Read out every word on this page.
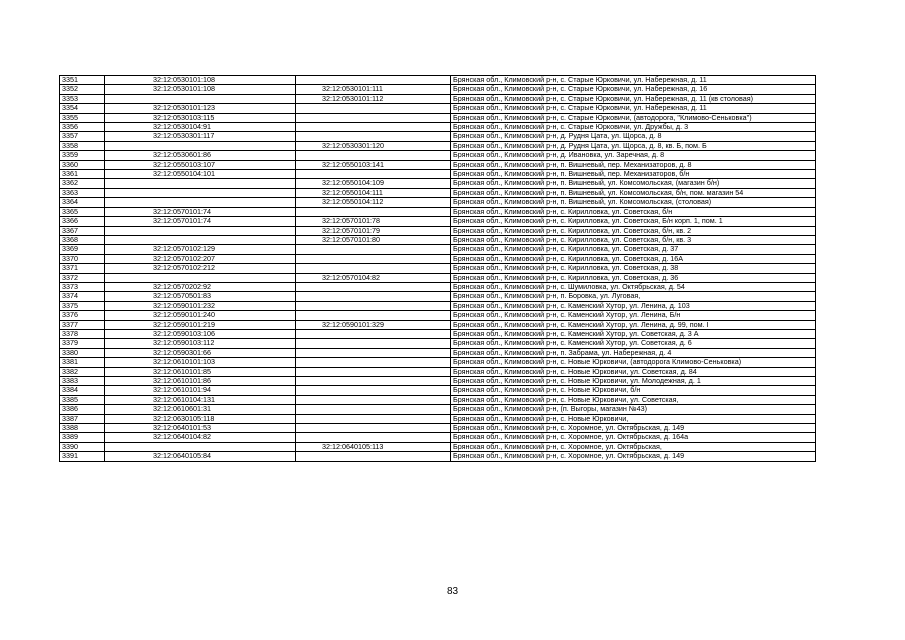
3351	32:12:0530101:108		Брянская обл., Климовский р-н, с. Старые Юрковичи, ул. Набережная, д. 11
3352	32:12:0530101:108	32:12:0530101:111	Брянская обл., Климовский р-н, с. Старые Юрковичи, ул. Набережная, д. 16
3353		32:12:0530101:112	Брянская обл., Климовский р-н, с. Старые Юрковичи, ул. Набережная, д. 11 (кв столовая)
3354	32:12:0530101:123		Брянская обл., Климовский р-н, с. Старые Юрковичи, ул. Набережная, д. 11
3355	32:12:0530103:115		Брянская обл., Климовский р-н, с. Старые Юрковичи, (автодорога, "Климово-Сеньковка")
3356	32:12:0530104:91		Брянская обл., Климовский р-н, с. Старые Юрковичи, ул. Дружбы, д. 3
3357	32:12:0530301:117		Брянская обл., Климовский р-н, д. Рудня Цата, ул. Щорса, д. 8
3358		32:12:0530301:120	Брянская обл., Климовский р-н, д. Рудня Цата, ул. Щорса, д. 8, кв. Б, пом. Б
3359	32:12:0530601:86		Брянская обл., Климовский р-н, д. Ивановка, ул. Заречная, д. 8
3360	32:12:0550103:107	32:12:0550103:141	Брянская обл., Климовский р-н, п. Вишневый, пер. Механизаторов, д. 8
3361	32:12:0550104:101		Брянская обл., Климовский р-н, п. Вишневый, пер. Механизаторов, б/н
3362		32:12:0550104:109	Брянская обл., Климовский р-н, п. Вишневый, ул. Комсомольская, (магазин б/н)
3363		32:12:0550104:111	Брянская обл., Климовский р-н, п. Вишневый, ул. Комсомольская, б/н, пом. магазин 54
3364		32:12:0550104:112	Брянская обл., Климовский р-н, п. Вишневый, ул. Комсомольская, (столовая)
3365	32:12:0570101:74		Брянская обл., Климовский р-н, с. Кирилловка, ул. Советская, б/н
3366	32:12:0570101:74	32:12:0570101:78	Брянская обл., Климовский р-н, с. Кирилловка, ул. Советская, Б/н корп. 1, пом. 1
3367		32:12:0570101:79	Брянская обл., Климовский р-н, с. Кирилловка, ул. Советская, б/н, кв. 2
3368		32:12:0570101:80	Брянская обл., Климовский р-н, с. Кирилловка, ул. Советская, б/н, кв. 3
3369	32:12:0570102:129		Брянская обл., Климовский р-н, с. Кирилловка, ул. Советская, д. 37
3370	32:12:0570102:207		Брянская обл., Климовский р-н, с. Кирилловка, ул. Советская, д. 16А
3371	32:12:0570102:212		Брянская обл., Климовский р-н, с. Кирилловка, ул. Советская, д. 38
3372		32:12:0570104:82	Брянская обл., Климовский р-н, с. Кирилловка, ул. Советская, д. 36
3373	32:12:0570202:92		Брянская обл., Климовский р-н, с. Шумиловка, ул. Октябрьская, д. 54
3374	32:12:0570501:83		Брянская обл., Климовский р-н, п. Боровка, ул. Луговая,
3375	32:12:0590101:232		Брянская обл., Климовский р-н, с. Каменский Хутор, ул. Ленина, д. 103
3376	32:12:0590101:240		Брянская обл., Климовский р-н, с. Каменский Хутор, ул. Ленина, Б/н
3377	32:12:0590101:219	32:12:0590101:329	Брянская обл., Климовский р-н, с. Каменский Хутор, ул. Ленина, д. 99, пом. I
3378	32:12:0590103:106		Брянская обл., Климовский р-н, с. Каменский Хутор, ул. Советская, д. 3 А
3379	32:12:0590103:112		Брянская обл., Климовский р-н, с. Каменский Хутор, ул. Советская, д. 6
3380	32:12:0590301:66		Брянская обл., Климовский р-н, п. Забрама, ул. Набережная, д. 4
3381	32:12:0610101:103		Брянская обл., Климовский р-н, с. Новые Юрковичи, (автодорога Климово-Сеньковка)
3382	32:12:0610101:85		Брянская обл., Климовский р-н, с. Новые Юрковичи, ул. Советская, д. 84
3383	32:12:0610101:86		Брянская обл., Климовский р-н, с. Новые Юрковичи, ул. Молодежная, д. 1
3384	32:12:0610101:94		Брянская обл., Климовский р-н, с. Новые Юрковичи, б/н
3385	32:12:0610104:131		Брянская обл., Климовский р-н, с. Новые Юрковичи, ул. Советская,
3386	32:12:0610601:31		Брянская обл., Климовский р-н, (п. Выгоры, магазин №43)
3387	32:12:0630105:118		Брянская обл., Климовский р-н, с. Новые Юрковичи,
3388	32:12:0640101:53		Брянская обл., Климовский р-н, с. Хоромное, ул. Октябрьская, д. 149
3389	32:12:0640104:82		Брянская обл., Климовский р-н, с. Хоромное, ул. Октябрьская, д. 164а
3390		32:12:0640105:113	Брянская обл., Климовский р-н, с. Хоромное, ул. Октябрьская,
3391	32:12:0640105:84		Брянская обл., Климовский р-н, с. Хоромное, ул. Октябрьская, д. 149
83
